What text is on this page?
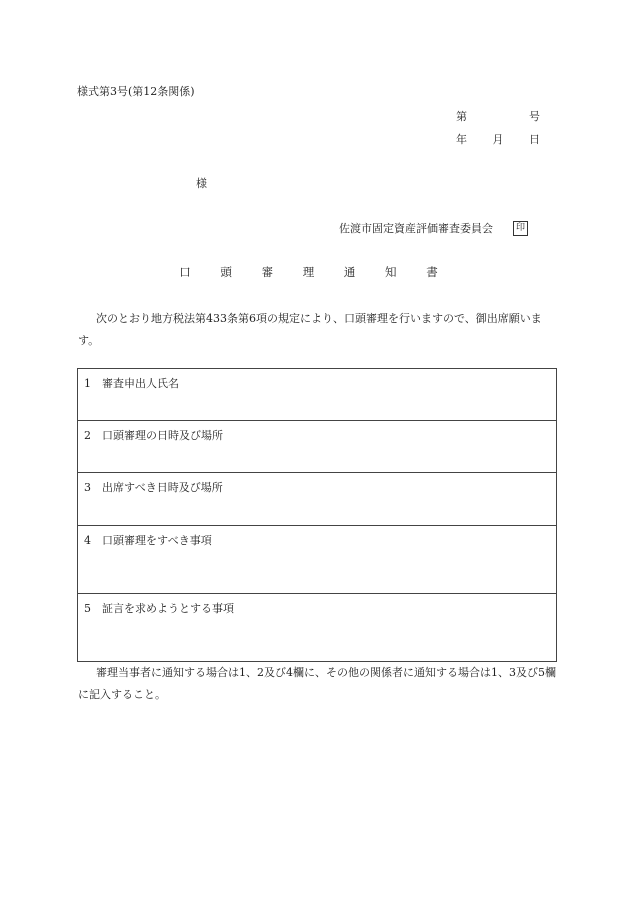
様式第3号(第12条関係)
第	号
年 月 日
様
佐渡市固定資産評価審査委員会	印
口 頭 審 理 通 知 書
次のとおり地方税法第433条第6項の規定により、口頭審理を行いますので、御出席願います。
1 審査申出人氏名
2 口頭審理の日時及び場所
3 出席すべき日時及び場所
4 口頭審理をすべき事項
5 証言を求めようとする事項
審理当事者に通知する場合は1、2及び4欄に、その他の関係者に通知する場合は1、3及び5欄に記入すること。
